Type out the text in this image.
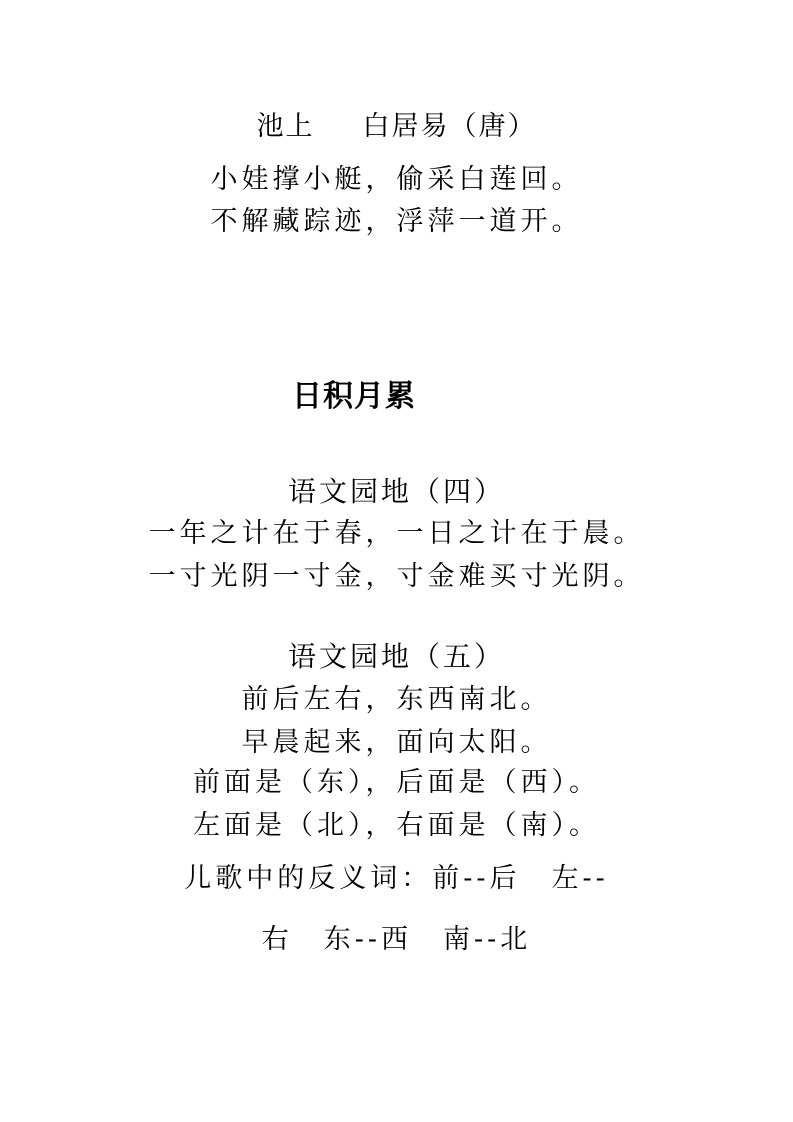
池上 白居易（唐）
小娃撑小艇，偷采白莲回。
不解藏踪迹，浮萍一道开。
日积月累
语文园地（四）
一年之计在于春，一日之计在于晨。
一寸光阴一寸金，寸金难买寸光阴。
语文园地（五）
前后左右，东西南北。
早晨起来，面向太阳。
前面是（东），后面是（西）。
左面是（北），右面是（南）。
儿歌中的反义词：前--后　左--
右　东--西　南--北
